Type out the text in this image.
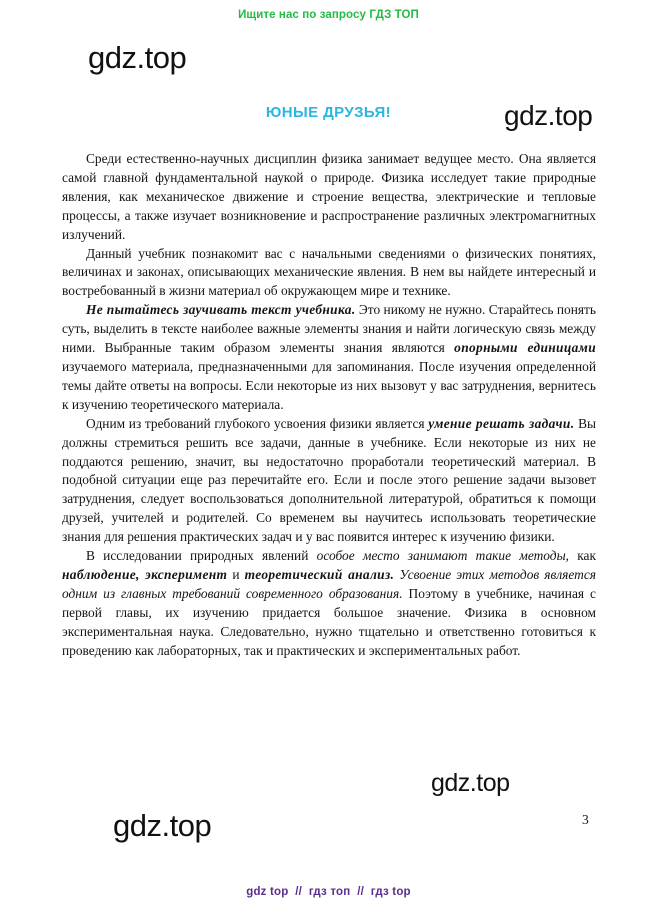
Ищите нас по запросу ГДЗ ТОП
gdz.top
gdz.top
gdz.top
gdz.top
ЮНЫЕ ДРУЗЬЯ!

Среди естественно-научных дисциплин физика занимает ведущее место. Она является самой главной фундаментальной наукой о природе. Физика исследует такие природные явления, как механическое движение и строение вещества, электрические и тепловые процессы, а также изучает возникновение и распространение различных электромагнитных излучений.

Данный учебник познакомит вас с начальными сведениями о физических понятиях, величинах и законах, описывающих механические явления. В нем вы найдете интересный и востребованный в жизни материал об окружающем мире и технике.

Не пытайтесь заучивать текст учебника. Это никому не нужно. Старайтесь понять суть, выделить в тексте наиболее важные элементы знания и найти логическую связь между ними. Выбранные таким образом элементы знания являются опорными единицами изучаемого материала, предназначенными для запоминания. После изучения определенной темы дайте ответы на вопросы. Если некоторые из них вызовут у вас затруднения, вернитесь к изучению теоретического материала.

Одним из требований глубокого усвоения физики является умение решать задачи. Вы должны стремиться решить все задачи, данные в учебнике. Если некоторые из них не поддаются решению, значит, вы недостаточно проработали теоретический материал. В подобной ситуации еще раз перечитайте его. Если и после этого решение задачи вызовет затруднения, следует воспользоваться дополнительной литературой, обратиться к помощи друзей, учителей и родителей. Со временем вы научитесь использовать теоретические знания для решения практических задач и у вас появится интерес к изучению физики.

В исследовании природных явлений особое место занимают такие методы, как наблюдение, эксперимент и теоретический анализ. Усвоение этих методов является одним из главных требований современного образования. Поэтому в учебнике, начиная с первой главы, их изучению придается большое значение. Физика в основном экспериментальная наука. Следовательно, нужно тщательно и ответственно готовиться к проведению как лабораторных, так и практических и экспериментальных работ.

3
gdz top  //  гдз топ  //  гдз top
